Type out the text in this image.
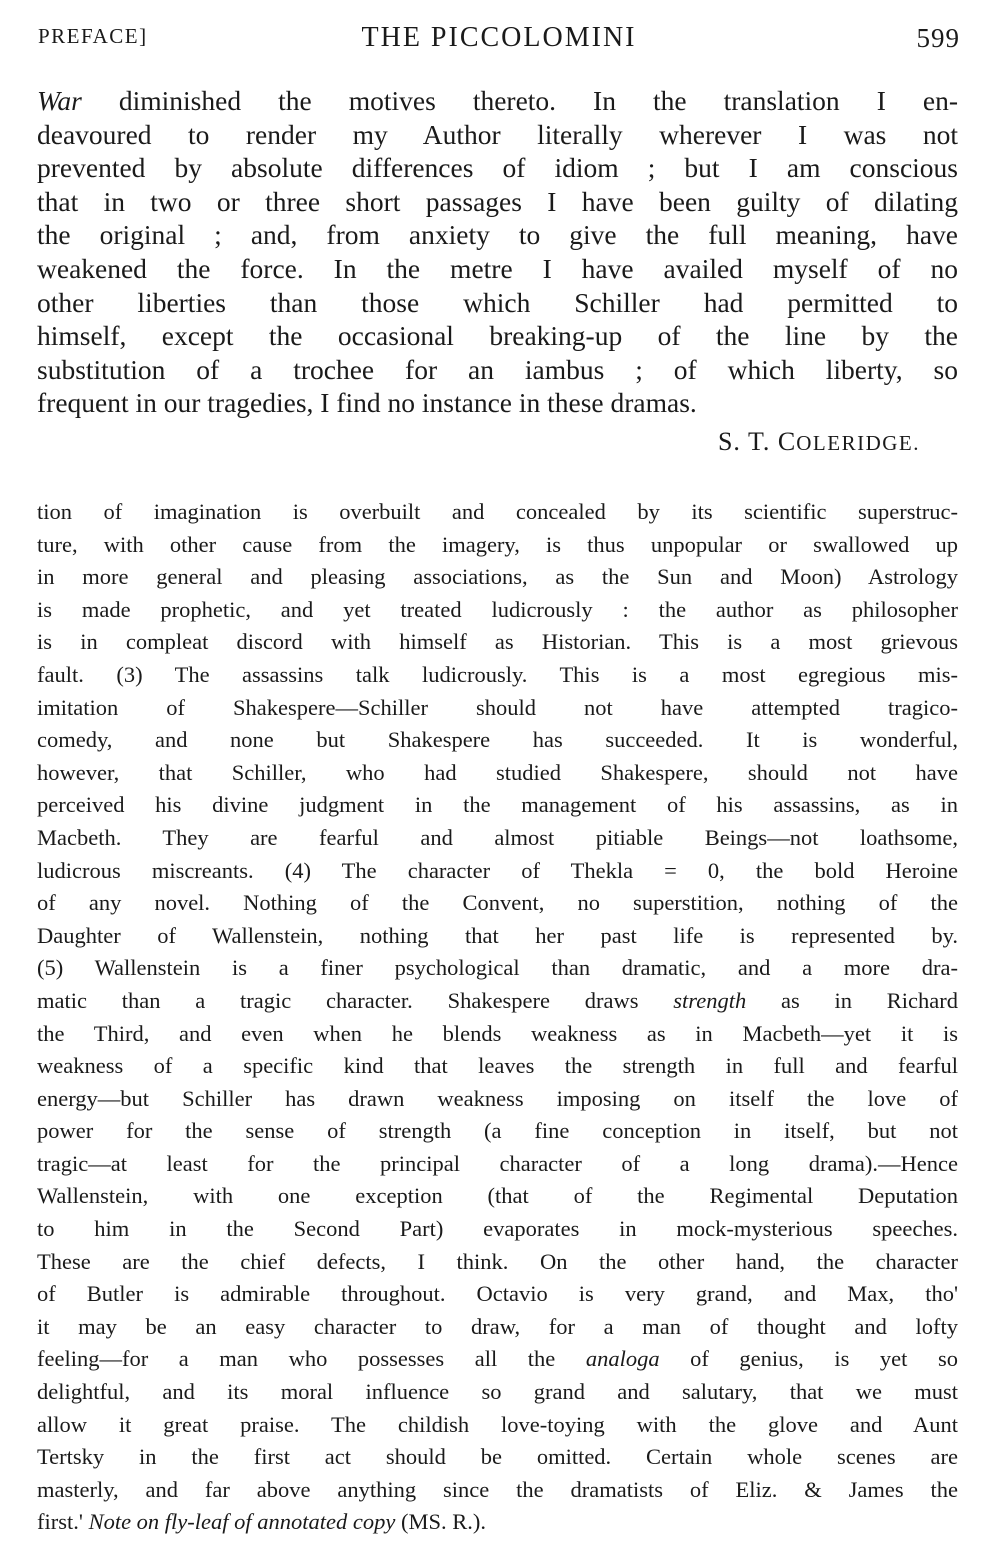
PREFACE]	THE PICCOLOMINI	599
War diminished the motives thereto. In the translation I en-
deavoured to render my Author literally wherever I was not
prevented by absolute differences of idiom ; but I am conscious
that in two or three short passages I have been guilty of dilating
the original ; and, from anxiety to give the full meaning, have
weakened the force. In the metre I have availed myself of no
other liberties than those which Schiller had permitted to
himself, except the occasional breaking-up of the line by the
substitution of a trochee for an iambus ; of which liberty, so
frequent in our tragedies, I find no instance in these dramas.
S. T. COLERIDGE.
tion of imagination is overbuilt and concealed by its scientific superstruc-
ture, with other cause from the imagery, is thus unpopular or swallowed up
in more general and pleasing associations, as the Sun and Moon) Astrology
is made prophetic, and yet treated ludicrously : the author as philosopher
is in compleat discord with himself as Historian. This is a most grievous
fault. (3) The assassins talk ludicrously. This is a most egregious mis-
imitation of Shakespere—Schiller should not have attempted tragico-
comedy, and none but Shakespere has succeeded. It is wonderful,
however, that Schiller, who had studied Shakespere, should not have
perceived his divine judgment in the management of his assassins, as in
Macbeth. They are fearful and almost pitiable Beings—not loathsome,
ludicrous miscreants. (4) The character of Thekla = 0, the bold Heroine
of any novel. Nothing of the Convent, no superstition, nothing of the
Daughter of Wallenstein, nothing that her past life is represented by.
(5) Wallenstein is a finer psychological than dramatic, and a more dra-
matic than a tragic character. Shakespere draws strength as in Richard
the Third, and even when he blends weakness as in Macbeth—yet it is
weakness of a specific kind that leaves the strength in full and fearful
energy—but Schiller has drawn weakness imposing on itself the love of
power for the sense of strength (a fine conception in itself, but not
tragic—at least for the principal character of a long drama).—Hence
Wallenstein, with one exception (that of the Regimental Deputation
to him in the Second Part) evaporates in mock-mysterious speeches.
These are the chief defects, I think. On the other hand, the character
of Butler is admirable throughout. Octavio is very grand, and Max, tho'
it may be an easy character to draw, for a man of thought and lofty
feeling—for a man who possesses all the analoga of genius, is yet so
delightful, and its moral influence so grand and salutary, that we must
allow it great praise. The childish love-toying with the glove and Aunt
Tertsky in the first act should be omitted. Certain whole scenes are
masterly, and far above anything since the dramatists of Eliz. & James the
first.' Note on fly-leaf of annotated copy (MS. R.).
